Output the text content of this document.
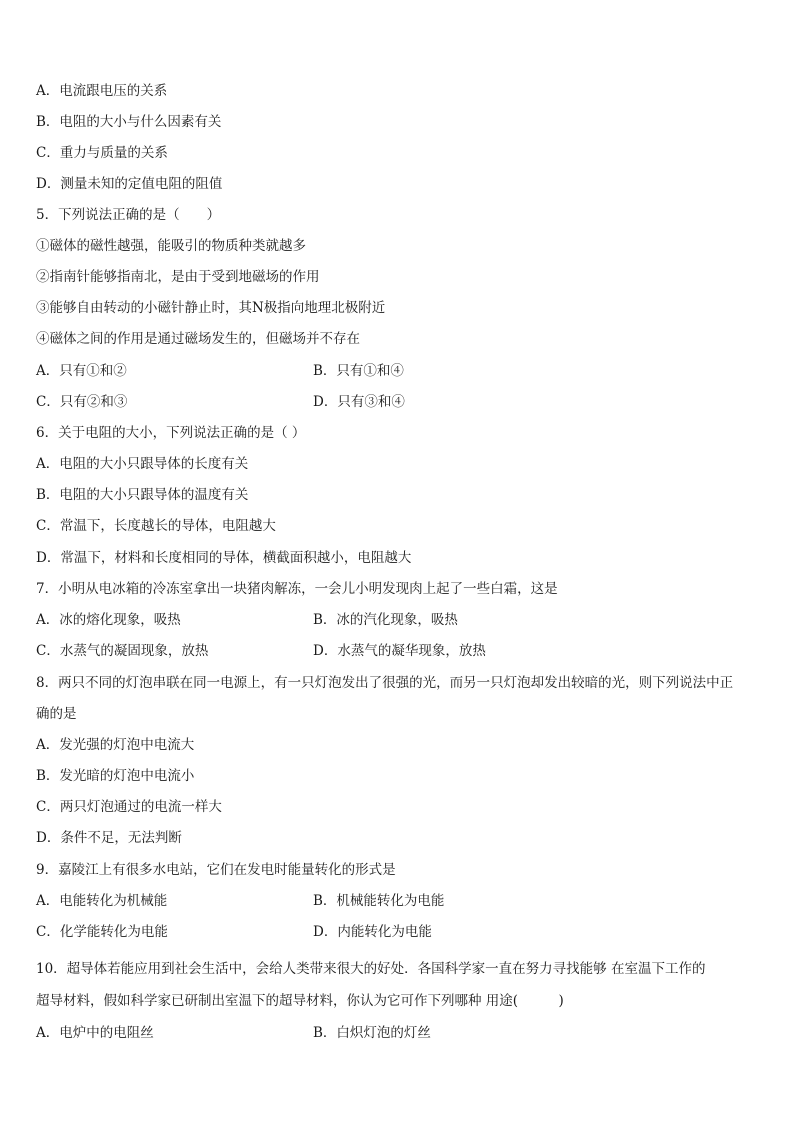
A．电流跟电压的关系
B．电阻的大小与什么因素有关
C．重力与质量的关系
D．测量未知的定值电阻的阻值
5．下列说法正确的是（　　）
①磁体的磁性越强，能吸引的物质种类就越多
②指南针能够指南北，是由于受到地磁场的作用
③能够自由转动的小磁针静止时，其N极指向地理北极附近
④磁体之间的作用是通过磁场发生的，但磁场并不存在
A．只有①和②	B．只有①和④
C．只有②和③	D．只有③和④
6．关于电阻的大小，下列说法正确的是（ ）
A．电阻的大小只跟导体的长度有关
B．电阻的大小只跟导体的温度有关
C．常温下，长度越长的导体，电阻越大
D．常温下，材料和长度相同的导体，横截面积越小，电阻越大
7．小明从电冰箱的冷冻室拿出一块猪肉解冻，一会儿小明发现肉上起了一些白霜，这是
A．冰的熔化现象，吸热	B．冰的汽化现象，吸热
C．水蒸气的凝固现象，放热	D．水蒸气的凝华现象，放热
8．两只不同的灯泡串联在同一电源上，有一只灯泡发出了很强的光，而另一只灯泡却发出较暗的光，则下列说法中正
确的是
A．发光强的灯泡中电流大
B．发光暗的灯泡中电流小
C．两只灯泡通过的电流一样大
D．条件不足，无法判断
9．嘉陵江上有很多水电站，它们在发电时能量转化的形式是
A．电能转化为机械能	B．机械能转化为电能
C．化学能转化为电能	D．内能转化为电能
10．超导体若能应用到社会生活中，会给人类带来很大的好处．各国科学家一直在努力寻找能够 在室温下工作的
超导材料，假如科学家已研制出室温下的超导材料，你认为它可作下列哪种 用途(　　　)
A．电炉中的电阻丝	B．白炽灯泡的灯丝
